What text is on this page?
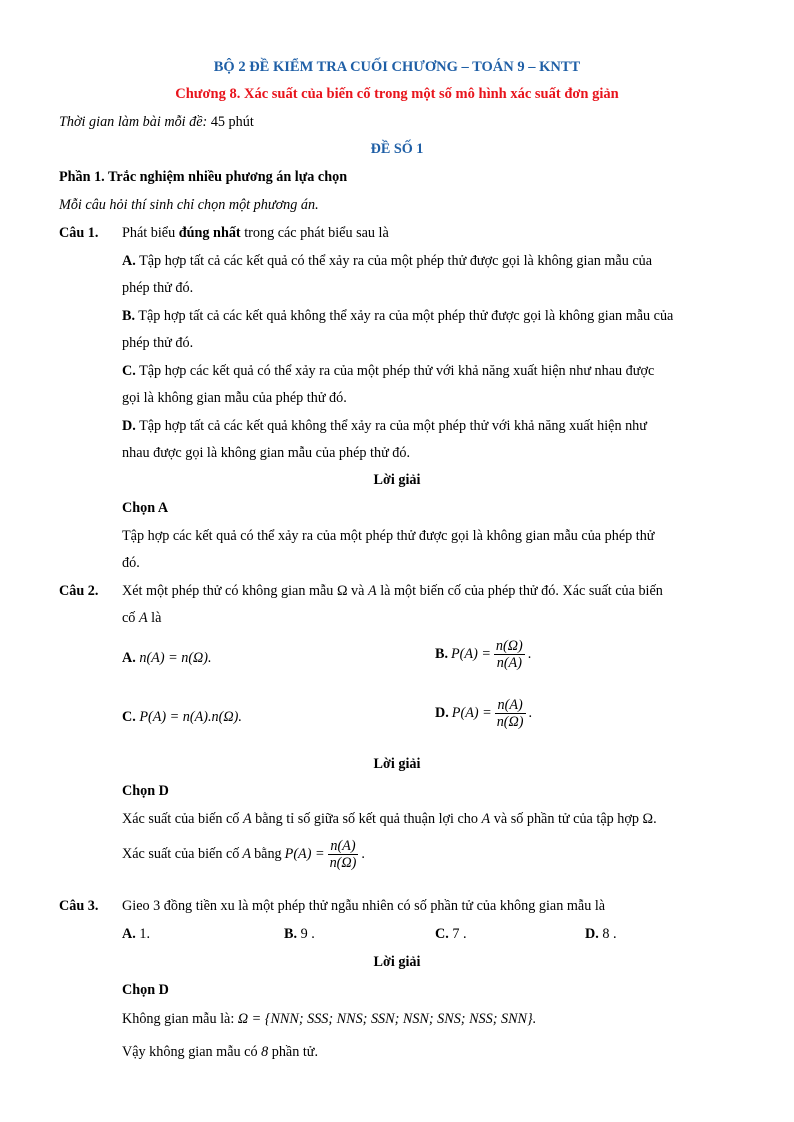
BỘ 2 ĐỀ KIỂM TRA CUỐI CHƯƠNG – TOÁN 9 – KNTT
Chương 8. Xác suất của biến cố trong một số mô hình xác suất đơn giản
Thời gian làm bài mỗi đề: 45 phút
ĐỀ SỐ 1
Phần 1. Trắc nghiệm nhiều phương án lựa chọn
Mỗi câu hỏi thí sinh chỉ chọn một phương án.
Câu 1. Phát biểu đúng nhất trong các phát biểu sau là
A. Tập hợp tất cả các kết quả có thể xảy ra của một phép thử được gọi là không gian mẫu của
phép thử đó.
B. Tập hợp tất cả các kết quả không thể xảy ra của một phép thử được gọi là không gian mẫu của
phép thử đó.
C. Tập hợp các kết quả có thể xảy ra của một phép thử với khả năng xuất hiện như nhau được
gọi là không gian mẫu của phép thử đó.
D. Tập hợp tất cả các kết quả không thể xảy ra của một phép thử với khả năng xuất hiện như
nhau được gọi là không gian mẫu của phép thử đó.
Lời giải
Chọn A
Tập hợp các kết quả có thể xảy ra của một phép thử được gọi là không gian mẫu của phép thử
đó.
Câu 2. Xét một phép thử có không gian mẫu Ω và A là một biến cố của phép thử đó. Xác suất của biến
cố A là
A. n(A) = n(Ω).	B. $P(A) = \frac{n(\Omega)}{n(A)}$ .
C. P(A) = n(A).n(Ω).	D. $P(A) = \frac{n(A)}{n(\Omega)}$ .
Lời giải
Chọn D
Xác suất của biến cố A bằng tỉ số giữa số kết quả thuận lợi cho A và số phần tử của tập hợp Ω.
Xác suất của biến cố A bằng $P(A) = \frac{n(A)}{n(\Omega)}$ .
Câu 3. Gieo 3 đồng tiền xu là một phép thử ngẫu nhiên có số phần tử của không gian mẫu là
A. 1.	B. 9 .	C. 7 .	D. 8 .
Lời giải
Chọn D
Không gian mẫu là: Ω = {NNN; SSS; NNS; SSN; NSN; SNS; NSS; SNN}.
Vậy không gian mẫu có 8 phần tử.
